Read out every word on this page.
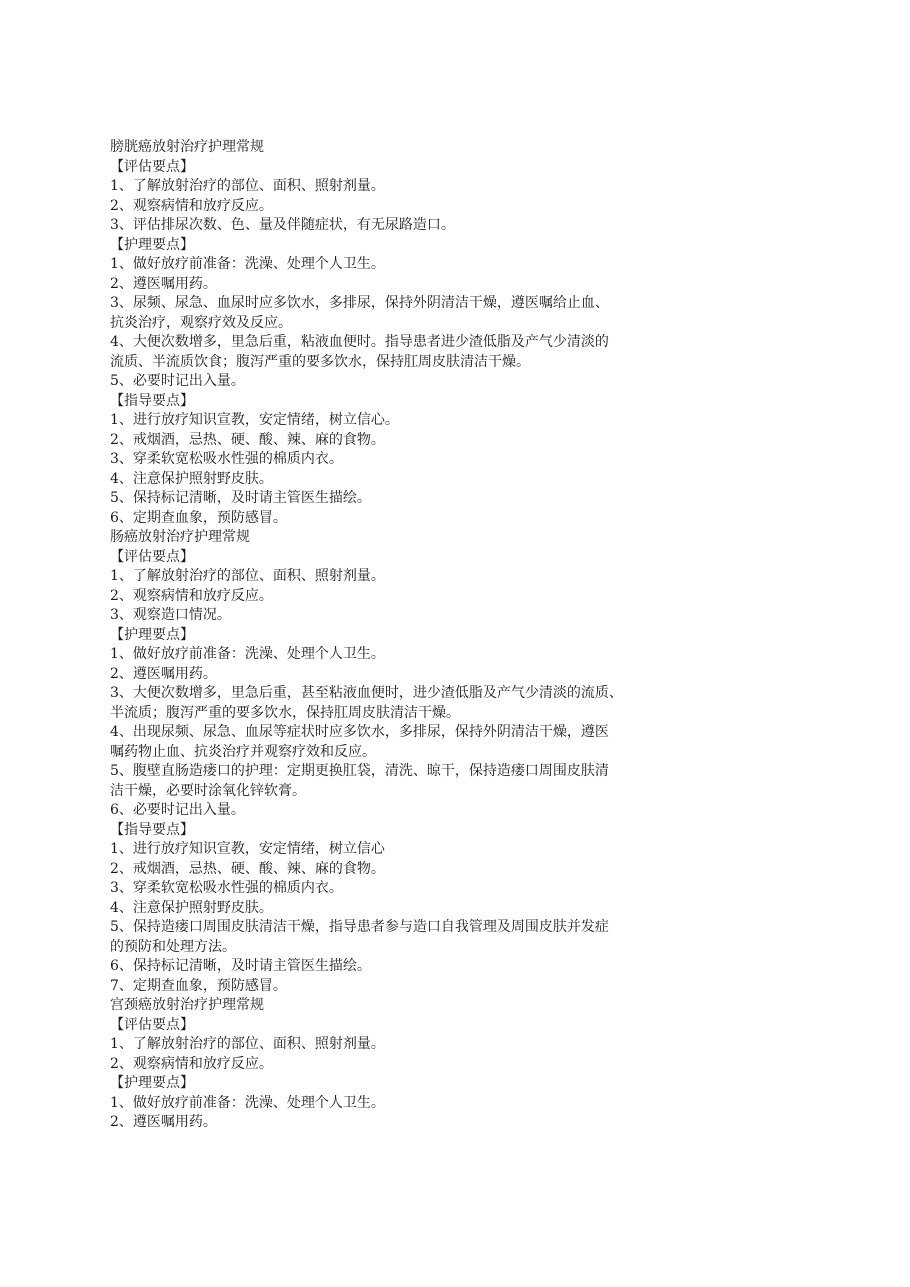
膀胱癌放射治疗护理常规
【评估要点】
1、了解放射治疗的部位、面积、照射剂量。
2、观察病情和放疗反应。
3、评估排尿次数、色、量及伴随症状，有无尿路造口。
【护理要点】
1、做好放疗前准备：洗澡、处理个人卫生。
2、遵医嘱用药。
3、尿频、尿急、血尿时应多饮水，多排尿，保持外阴清洁干燥，遵医嘱给止血、
抗炎治疗，观察疗效及反应。
4、大便次数增多，里急后重，粘液血便时。指导患者进少渣低脂及产气少清淡的
流质、半流质饮食；腹泻严重的要多饮水，保持肛周皮肤清洁干燥。
5、必要时记出入量。
【指导要点】
1、进行放疗知识宣教，安定情绪，树立信心。
2、戒烟酒，忌热、硬、酸、辣、麻的食物。
3、穿柔软宽松吸水性强的棉质内衣。
4、注意保护照射野皮肤。
5、保持标记清晰，及时请主管医生描绘。
6、定期查血象，预防感冒。
肠癌放射治疗护理常规
【评估要点】
1、了解放射治疗的部位、面积、照射剂量。
2、观察病情和放疗反应。
3、观察造口情况。
【护理要点】
1、做好放疗前准备：洗澡、处理个人卫生。
2、遵医嘱用药。
3、大便次数增多，里急后重，甚至粘液血便时，进少渣低脂及产气少清淡的流质、
半流质；腹泻严重的要多饮水，保持肛周皮肤清洁干燥。
4、出现尿频、尿急、血尿等症状时应多饮水，多排尿，保持外阴清洁干燥，遵医
嘱药物止血、抗炎治疗并观察疗效和反应。
5、腹壁直肠造瘘口的护理：定期更换肛袋，清洗、晾干，保持造瘘口周围皮肤清
洁干燥，必要时涂氧化锌软膏。
6、必要时记出入量。
【指导要点】
1、进行放疗知识宣教，安定情绪，树立信心
2、戒烟酒，忌热、硬、酸、辣、麻的食物。
3、穿柔软宽松吸水性强的棉质内衣。
4、注意保护照射野皮肤。
5、保持造瘘口周围皮肤清洁干燥，指导患者参与造口自我管理及周围皮肤并发症
的预防和处理方法。
6、保持标记清晰，及时请主管医生描绘。
7、定期查血象，预防感冒。
宫颈癌放射治疗护理常规
【评估要点】
1、了解放射治疗的部位、面积、照射剂量。
2、观察病情和放疗反应。
【护理要点】
1、做好放疗前准备：洗澡、处理个人卫生。
2、遵医嘱用药。
